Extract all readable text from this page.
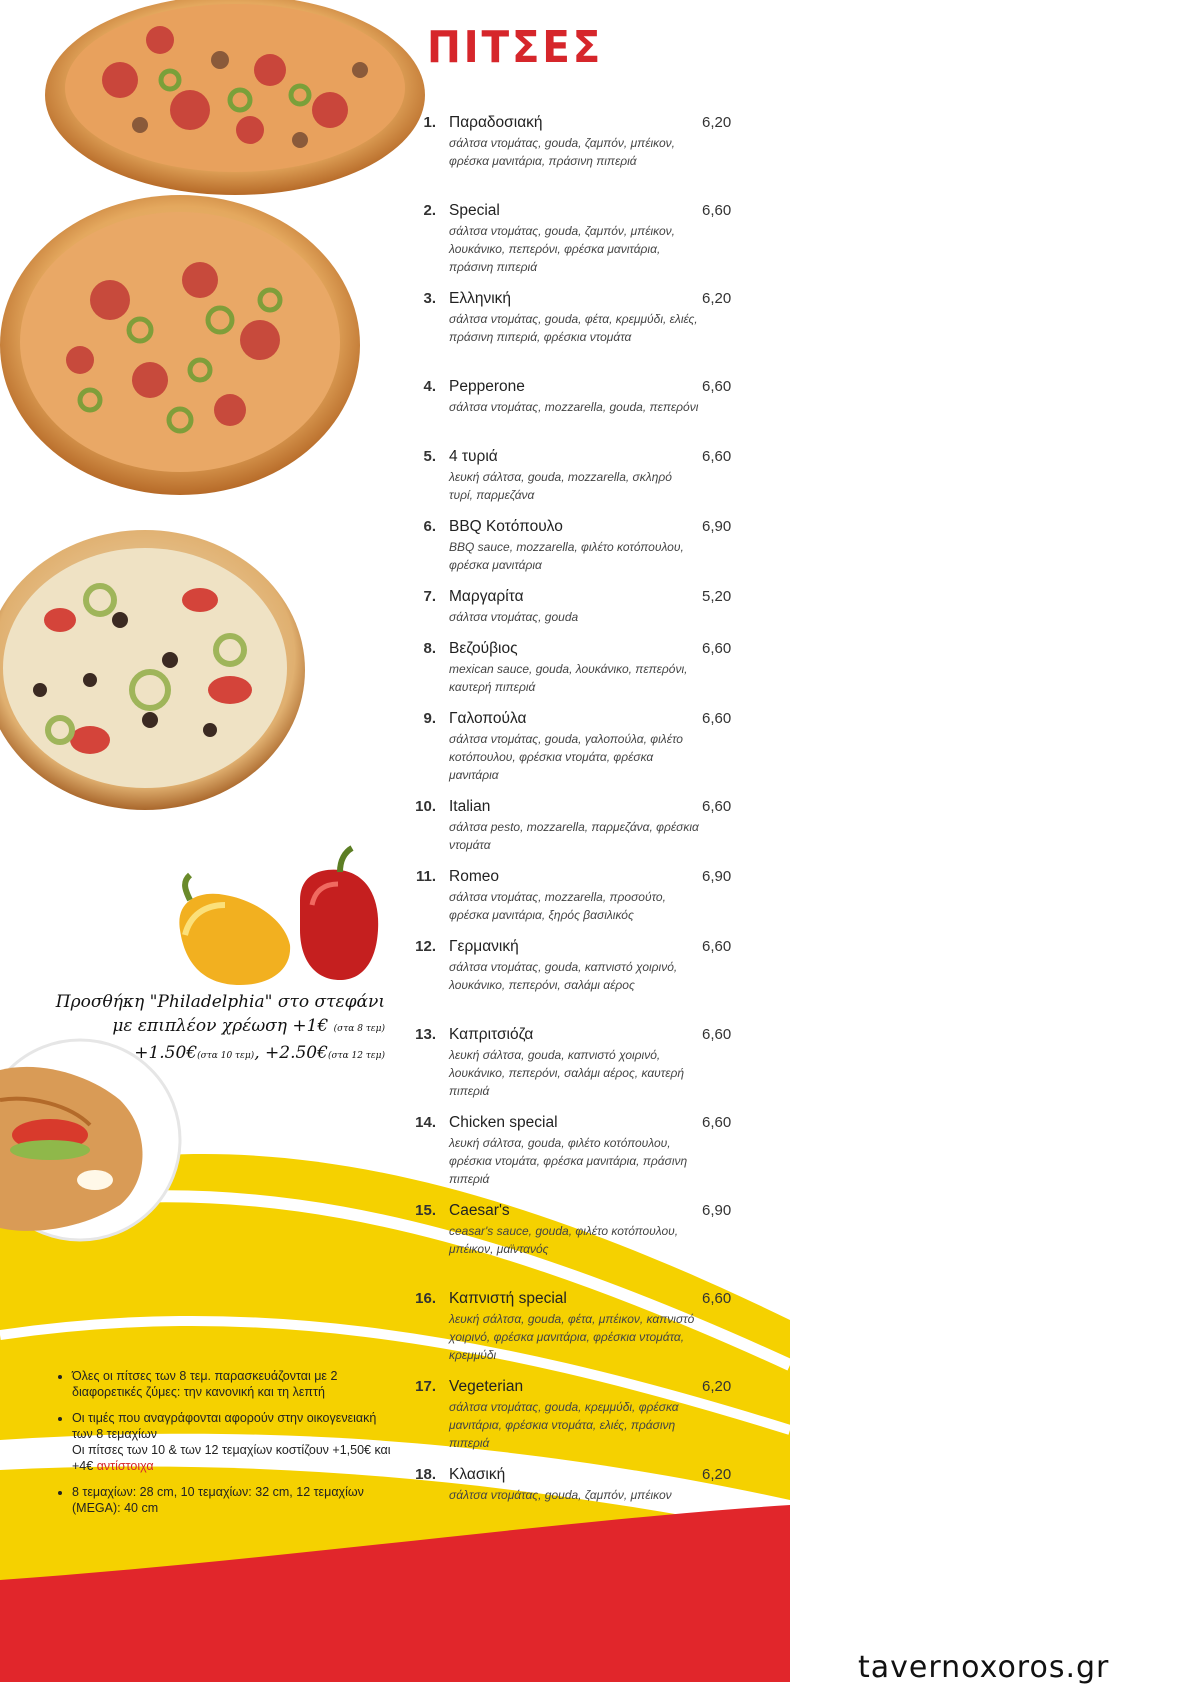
ΠΙΤΣΕΣ
1. Παραδοσιακή	6,20
σάλτσα ντομάτας, gouda, ζαμπόν, μπέικον, φρέσκα μανιτάρια, πράσινη πιπεριά
2. Special	6,60
σάλτσα ντομάτας, gouda, ζαμπόν, μπέικον, λουκάνικο, πεπερόνι, φρέσκα μανιτάρια, πράσινη πιπεριά
3. Ελληνική	6,20
σάλτσα ντομάτας, gouda, φέτα, κρεμμύδι, ελιές, πράσινη πιπεριά, φρέσκια ντομάτα
4. Pepperone	6,60
σάλτσα ντομάτας, mozzarella, gouda, πεπερόνι
5. 4 τυριά	6,60
λευκή σάλτσα, gouda, mozzarella, σκληρό τυρί, παρμεζάνα
6. BBQ Κοτόπουλο	6,90
BBQ sauce, mozzarella, φιλέτο κοτόπουλου, φρέσκα μανιτάρια
7. Μαργαρίτα	5,20
σάλτσα ντομάτας, gouda
8. Βεζούβιος	6,60
mexican sauce, gouda, λουκάνικο, πεπερόνι, καυτερή πιπεριά
9. Γαλοπούλα	6,60
σάλτσα ντομάτας, gouda, γαλοπούλα, φιλέτο κοτόπουλου, φρέσκια ντομάτα, φρέσκα μανιτάρια
10. Italian	6,60
σάλτσα pesto, mozzarella, παρμεζάνα, φρέσκια ντομάτα
11. Romeo	6,90
σάλτσα ντομάτας, mozzarella, προσούτο, φρέσκα μανιτάρια, ξηρός βασιλικός
12. Γερμανική	6,60
σάλτσα ντομάτας, gouda, καπνιστό χοιρινό, λουκάνικο, πεπερόνι, σαλάμι αέρος
13. Καπριτσιόζα	6,60
λευκή σάλτσα, gouda, καπνιστό χοιρινό, λουκάνικο, πεπερόνι, σαλάμι αέρος, καυτερή πιπεριά
14. Chicken special	6,60
λευκή σάλτσα, gouda, φιλέτο κοτόπουλου, φρέσκια ντομάτα, φρέσκα μανιτάρια, πράσινη πιπεριά
15. Caesar's	6,90
ceasar's sauce, gouda, φιλέτο κοτόπουλου, μπέικον, μαϊντανός
16. Καπνιστή special	6,60
λευκή σάλτσα, gouda, φέτα, μπέικον, καπνιστό χοιρινό, φρέσκα μανιτάρια, φρέσκια ντομάτα, κρεμμύδι
17. Vegeterian	6,20
σάλτσα ντομάτας, gouda, κρεμμύδι, φρέσκα μανιτάρια, φρέσκια ντομάτα, ελιές, πράσινη πιπεριά
18. Κλασική	6,20
σάλτσα ντομάτας, gouda, ζαμπόν, μπέικον
Προσθήκη "Philadelphia" στο στεφάνι
με επιπλέον χρέωση +1€ (στα 8 τεμ)
+1.50€(στα 10 τεμ), +2.50€(στα 12 τεμ)
• Όλες οι πίτσες των 8 τεμ. παρασκευάζονται με 2 διαφορετικές ζύμες: την κανονική και τη λεπτή
• Οι τιμές που αναγράφονται αφορούν στην οικογενειακή των 8 τεμαχίων
Οι πίτσες των 10 & των 12 τεμαχίων κοστίζουν +1,50€ και +4€ αντίστοιχα
• 8 τεμαχίων: 28 cm, 10 τεμαχίων: 32 cm, 12 τεμαχίων (MEGA): 40 cm
tavernoxoros.gr
